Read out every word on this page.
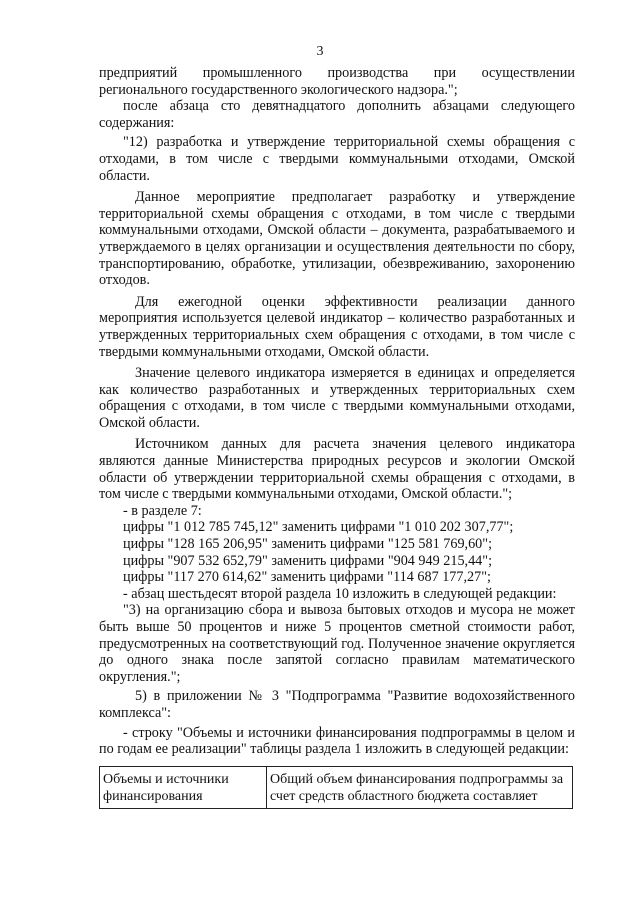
3

предприятий промышленного производства при осуществлении регионального государственного экологического надзора.";

после абзаца сто девятнадцатого дополнить абзацами следующего содержания:

"12) разработка и утверждение территориальной схемы обращения с отходами, в том числе с твердыми коммунальными отходами, Омской области.

Данное мероприятие предполагает разработку и утверждение территориальной схемы обращения с отходами, в том числе с твердыми коммунальными отходами, Омской области – документа, разрабатываемого и утверждаемого в целях организации и осуществления деятельности по сбору, транспортированию, обработке, утилизации, обезвреживанию, захоронению отходов.

Для ежегодной оценки эффективности реализации данного мероприятия используется целевой индикатор – количество разработанных и утвержденных территориальных схем обращения с отходами, в том числе с твердыми коммунальными отходами, Омской области.

Значение целевого индикатора измеряется в единицах и определяется как количество разработанных и утвержденных территориальных схем обращения с отходами, в том числе с твердыми коммунальными отходами, Омской области.

Источником данных для расчета значения целевого индикатора являются данные Министерства природных ресурсов и экологии Омской области об утверждении территориальной схемы обращения с отходами, в том числе с твердыми коммунальными отходами, Омской области.";

- в разделе 7:

цифры "1 012 785 745,12" заменить цифрами "1 010 202 307,77";

цифры "128 165 206,95" заменить цифрами "125 581 769,60";

цифры "907 532 652,79" заменить цифрами "904 949 215,44";

цифры "117 270 614,62" заменить цифрами "114 687 177,27";

- абзац шестьдесят второй раздела 10 изложить в следующей редакции:

"3) на организацию сбора и вывоза бытовых отходов и мусора не может быть выше 50 процентов и ниже 5 процентов сметной стоимости работ, предусмотренных на соответствующий год. Полученное значение округляется до одного знака после запятой согласно правилам математического округления.";

5) в приложении № 3 "Подпрограмма "Развитие водохозяйственного комплекса":

- строку "Объемы и источники финансирования подпрограммы в целом и по годам ее реализации" таблицы раздела 1 изложить в следующей редакции:

Объемы и источники финансирования	Общий объем финансирования подпрограммы за счет средств областного бюджета составляет
